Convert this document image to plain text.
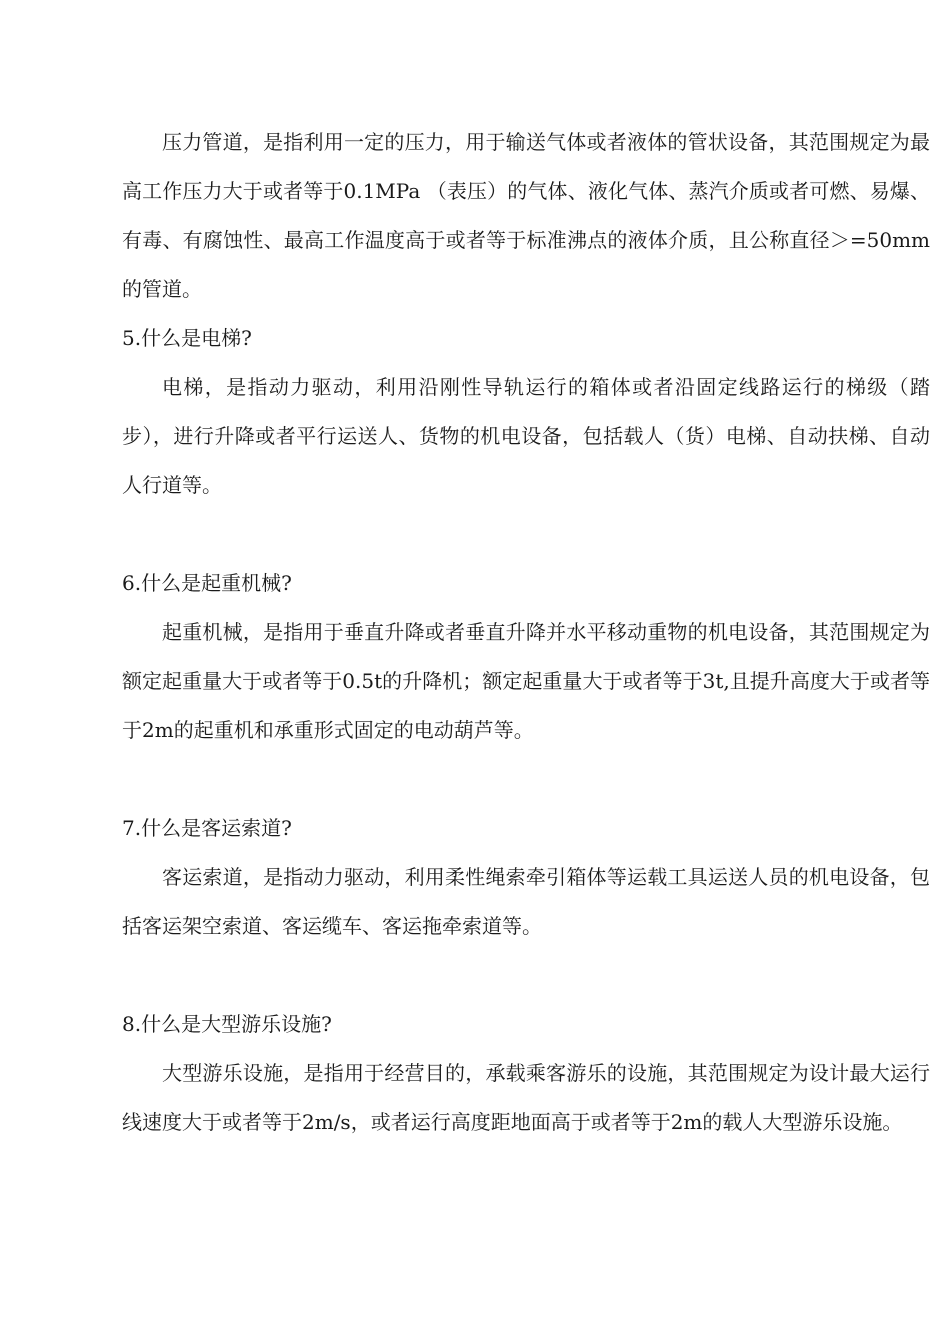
压力管道，是指利用一定的压力，用于输送气体或者液体的管状设备，其范围规定为最高工作压力大于或者等于0.1MPa （表压）的气体、液化气体、蒸汽介质或者可燃、易爆、有毒、有腐蚀性、最高工作温度高于或者等于标准沸点的液体介质，且公称直径＞=50mm的管道。

5.什么是电梯?

电梯，是指动力驱动，利用沿刚性导轨运行的箱体或者沿固定线路运行的梯级（踏步），进行升降或者平行运送人、货物的机电设备，包括载人（货）电梯、自动扶梯、自动人行道等。

6.什么是起重机械?

起重机械，是指用于垂直升降或者垂直升降并水平移动重物的机电设备，其范围规定为额定起重量大于或者等于0.5t的升降机；额定起重量大于或者等于3t,且提升高度大于或者等于2m的起重机和承重形式固定的电动葫芦等。

7.什么是客运索道?

客运索道，是指动力驱动，利用柔性绳索牵引箱体等运载工具运送人员的机电设备，包括客运架空索道、客运缆车、客运拖牵索道等。

8.什么是大型游乐设施?

大型游乐设施，是指用于经营目的，承载乘客游乐的设施，其范围规定为设计最大运行线速度大于或者等于2m/s，或者运行高度距地面高于或者等于2m的载人大型游乐设施。
